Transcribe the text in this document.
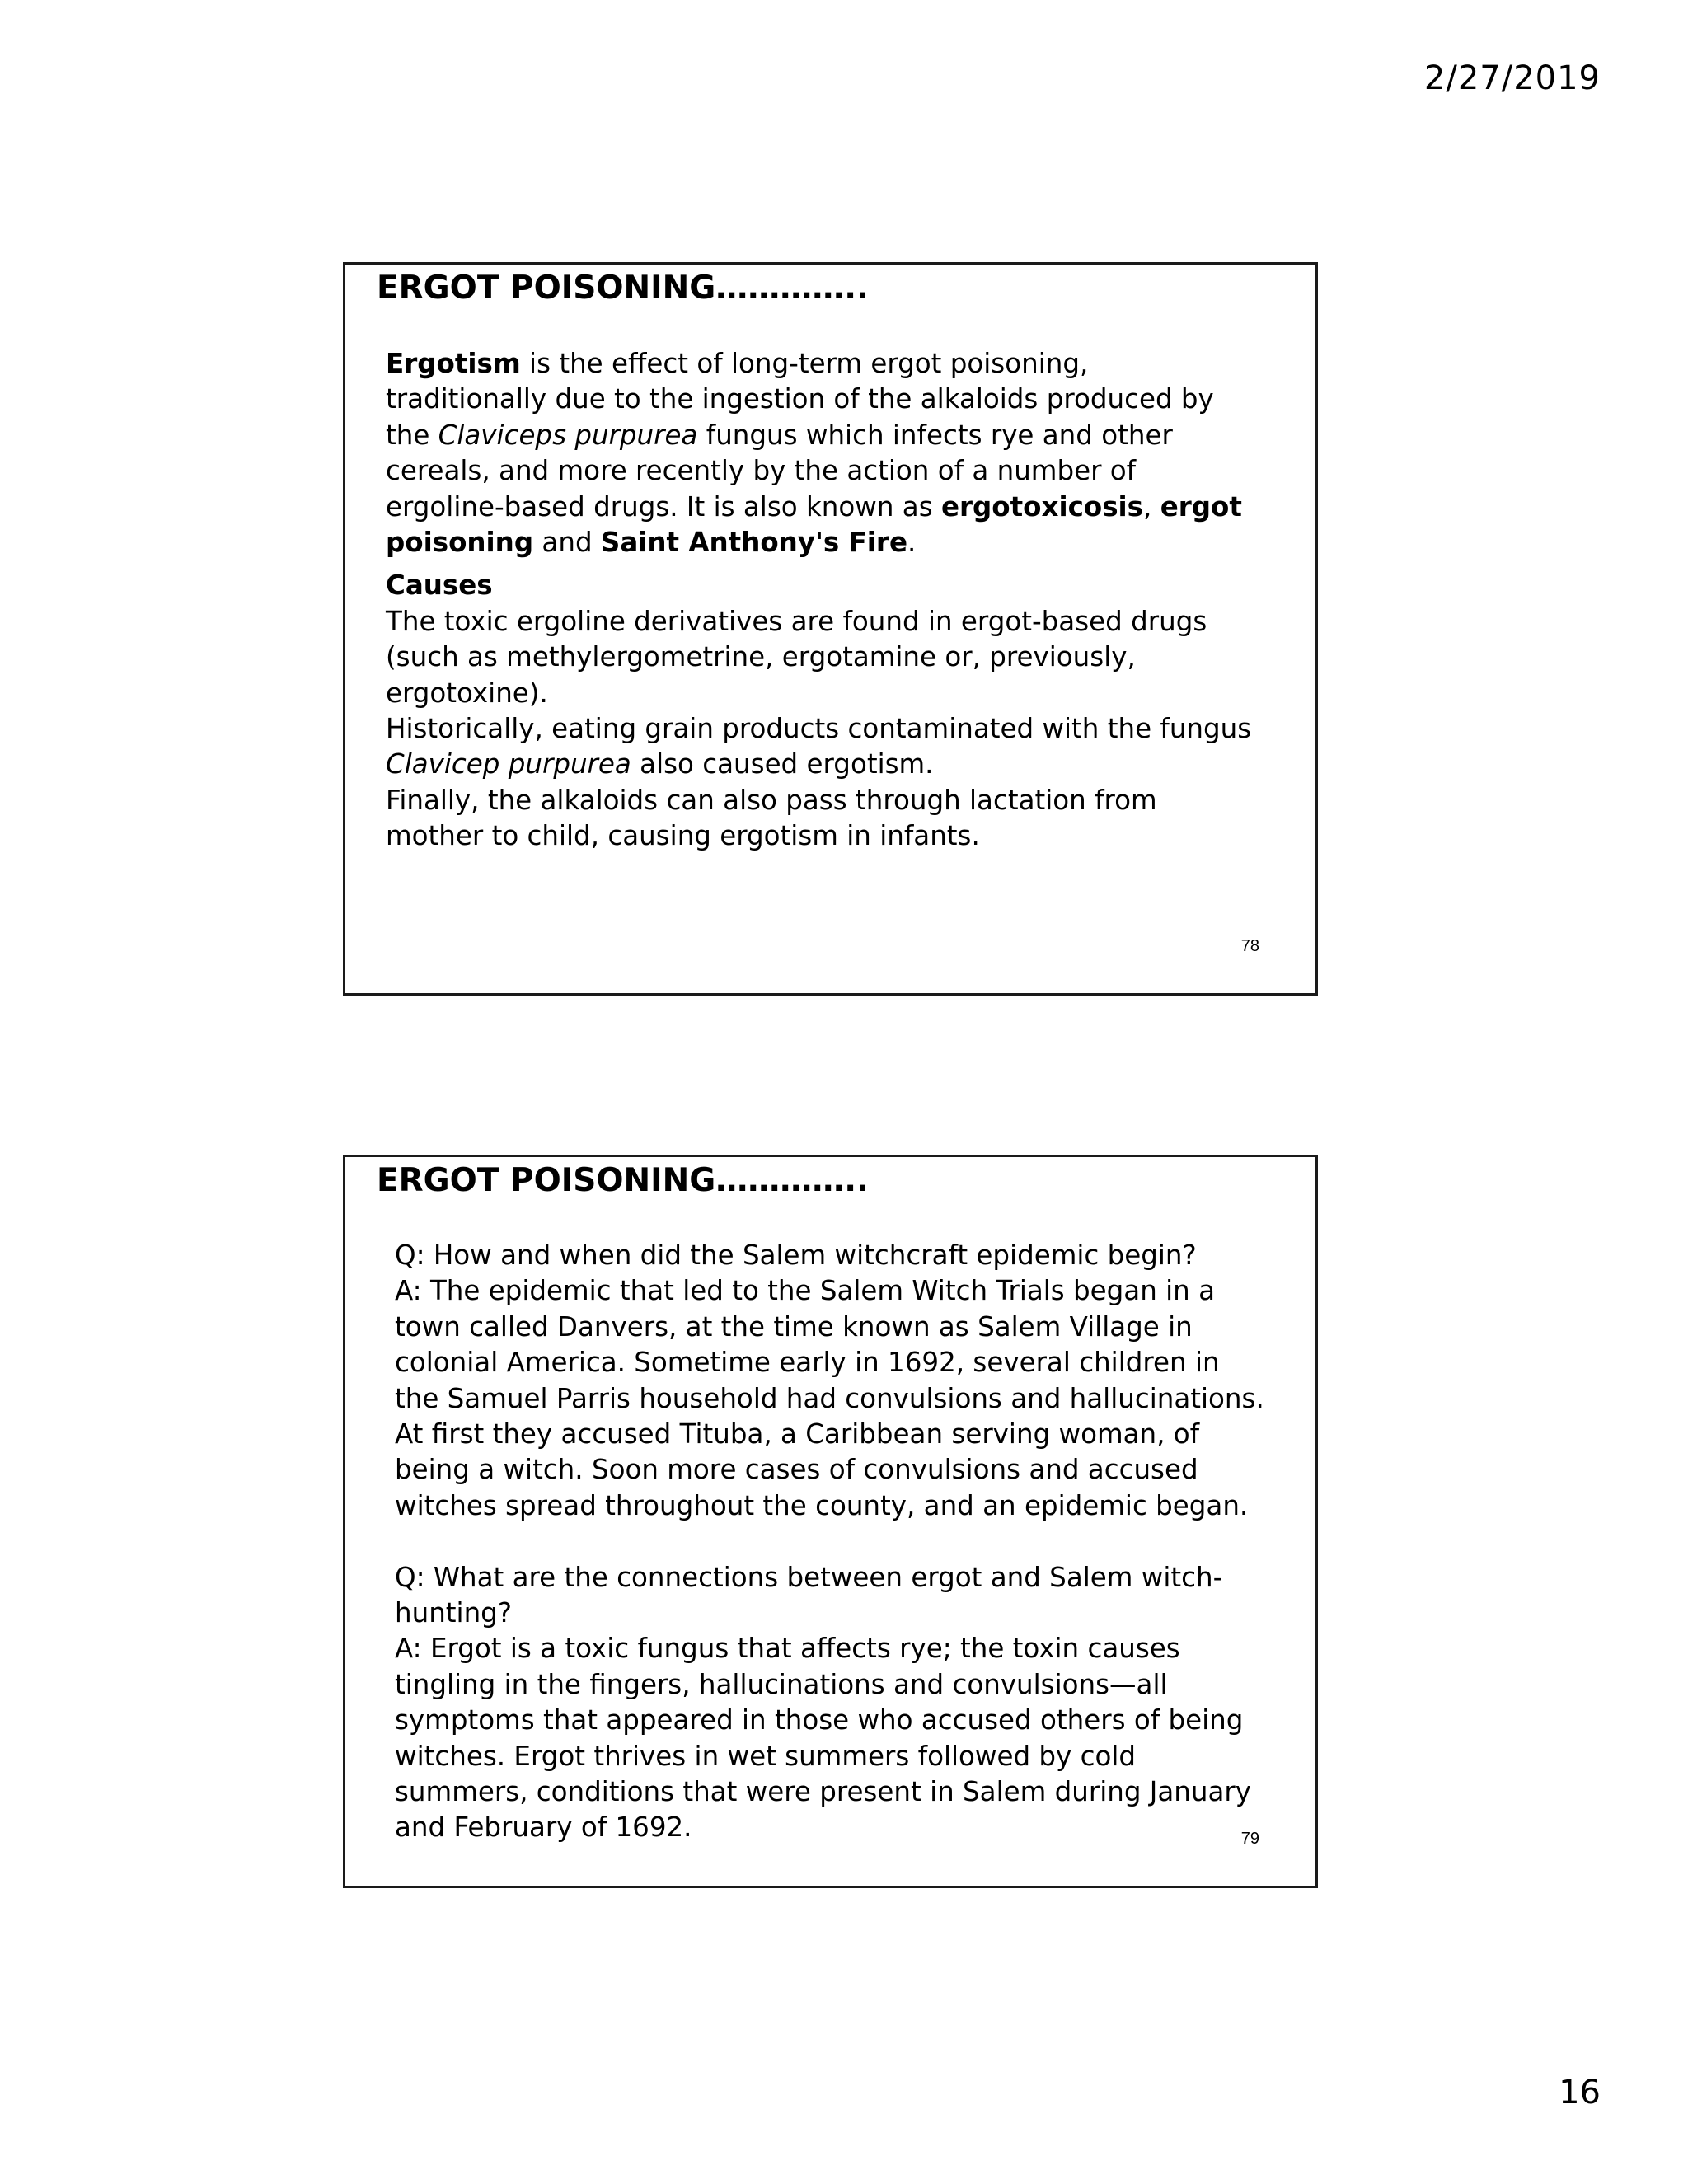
2/27/2019
ERGOT POISONING…………..
Ergotism is the effect of long-term ergot poisoning,
traditionally due to the ingestion of the alkaloids produced by
the Claviceps purpurea fungus which infects rye and other
cereals, and more recently by the action of a number of
ergoline-based drugs. It is also known as ergotoxicosis, ergot
poisoning and Saint Anthony's Fire.
Causes
The toxic ergoline derivatives are found in ergot-based drugs
(such as methylergometrine, ergotamine or, previously,
ergotoxine).
Historically, eating grain products contaminated with the fungus
Clavicep purpurea also caused ergotism.
Finally, the alkaloids can also pass through lactation from
mother to child, causing ergotism in infants.
78
ERGOT POISONING…………..
Q: How and when did the Salem witchcraft epidemic begin?
A: The epidemic that led to the Salem Witch Trials began in a
town called Danvers, at the time known as Salem Village in
colonial America. Sometime early in 1692, several children in
the Samuel Parris household had convulsions and hallucinations.
At first they accused Tituba, a Caribbean serving woman, of
being a witch. Soon more cases of convulsions and accused
witches spread throughout the county, and an epidemic began.
Q: What are the connections between ergot and Salem witch-
hunting?
A: Ergot is a toxic fungus that affects rye; the toxin causes
tingling in the fingers, hallucinations and convulsions—all
symptoms that appeared in those who accused others of being
witches. Ergot thrives in wet summers followed by cold
summers, conditions that were present in Salem during January
and February of 1692.	79
16
